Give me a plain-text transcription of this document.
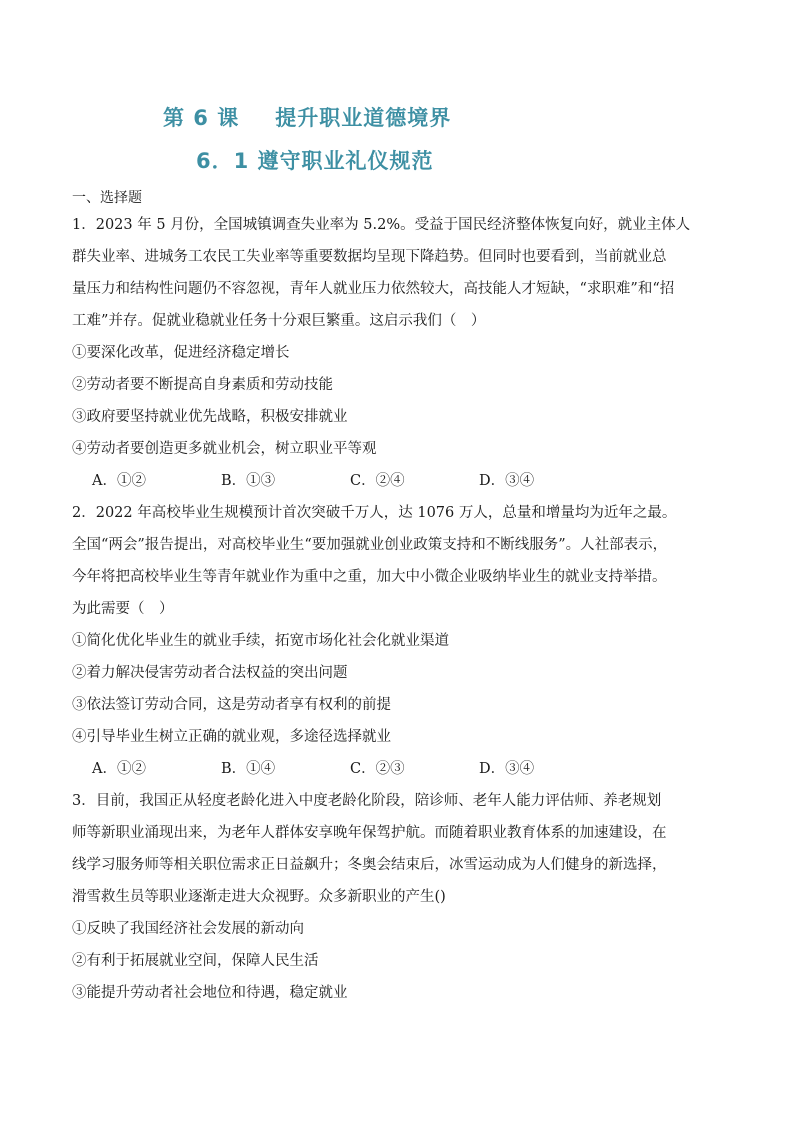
第 6 课 提升职业道德境界
6．1 遵守职业礼仪规范
一、选择题

1．2023 年 5 月份，全国城镇调查失业率为 5.2%。受益于国民经济整体恢复向好，就业主体人

群失业率、进城务工农民工失业率等重要数据均呈现下降趋势。但同时也要看到，当前就业总

量压力和结构性问题仍不容忽视，青年人就业压力依然较大，高技能人才短缺，“求职难”和“招

工难”并存。促就业稳就业任务十分艰巨繁重。这启示我们（　）

①要深化改革，促进经济稳定增长

②劳动者要不断提高自身素质和劳动技能

③政府要坚持就业优先战略，积极安排就业

④劳动者要创造更多就业机会，树立职业平等观

A．①②	B．①③	C．②④	D．③④

2．2022 年高校毕业生规模预计首次突破千万人，达 1076 万人，总量和增量均为近年之最。

全国“两会”报告提出，对高校毕业生“要加强就业创业政策支持和不断线服务”。人社部表示，

今年将把高校毕业生等青年就业作为重中之重，加大中小微企业吸纳毕业生的就业支持举措。

为此需要（　）

①简化优化毕业生的就业手续，拓宽市场化社会化就业渠道

②着力解决侵害劳动者合法权益的突出问题

③依法签订劳动合同，这是劳动者享有权利的前提

④引导毕业生树立正确的就业观，多途径选择就业

A．①②	B．①④	C．②③	D．③④

3．目前，我国正从轻度老龄化进入中度老龄化阶段，陪诊师、老年人能力评估师、养老规划

师等新职业涌现出来，为老年人群体安享晚年保驾护航。而随着职业教育体系的加速建设，在

线学习服务师等相关职位需求正日益飙升；冬奥会结束后，冰雪运动成为人们健身的新选择，

滑雪救生员等职业逐渐走进大众视野。众多新职业的产生()

①反映了我国经济社会发展的新动向

②有利于拓展就业空间，保障人民生活

③能提升劳动者社会地位和待遇，稳定就业
